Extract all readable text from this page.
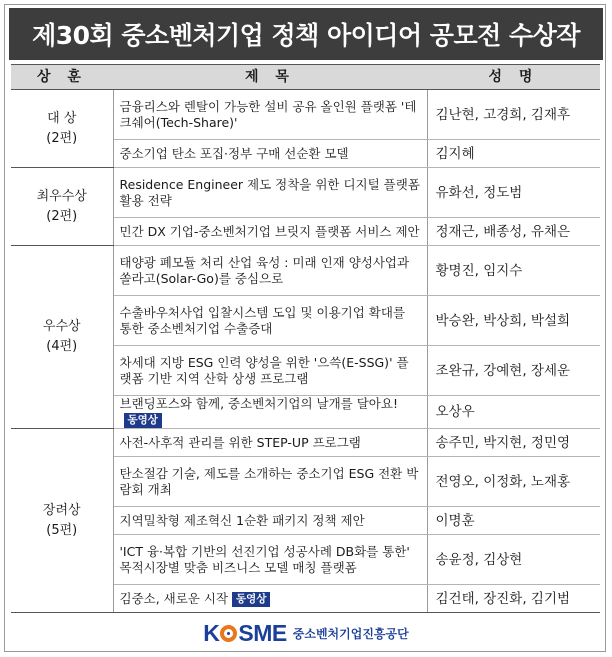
제30회 중소벤처기업 정책 아이디어 공모전 수상작
상 훈	제 목	성 명

대 상
(2편)	금융리스와 렌탈이 가능한 설비 공유 올인원 플랫폼 '테크쉐어(Tech-Share)'	김난현, 고경희, 김재후
	중소기업 탄소 포집·정부 구매 선순환 모델	김지혜

최우수상
(2편)	Residence Engineer 제도 정착을 위한 디지털 플랫폼 활용 전략	유화선, 정도범
	민간 DX 기업-중소벤처기업 브릿지 플랫폼 서비스 제안	정재근, 배종성, 유채은

우수상
(4편)	태양광 폐모듈 처리 산업 육성 : 미래 인재 양성사업과 쏠라고(Solar-Go)를 중심으로	황명진, 임지수
	수출바우처사업 입찰시스템 도입 및 이용기업 확대를 통한 중소벤처기업 수출증대	박승완, 박상희, 박설희
	차세대 지방 ESG 인력 양성을 위한 '으쓱(E-SSG)' 플랫폼 기반 지역 산학 상생 프로그램	조완규, 강예현, 장세운
	브랜딩포스와 함께, 중소벤처기업의 날개를 달아요!동영상	오상우

장려상
(5편)	사전-사후적 관리를 위한 STEP-UP 프로그램	송주민, 박지현, 정민영
	탄소절감 기술, 제도를 소개하는 중소기업 ESG 전환 박람회 개최	전영오, 이정화, 노재홍
	지역밀착형 제조혁신 1순환 패키지 정책 제안	이명훈
	'ICT 융·복합 기반의 선진기업 성공사례 DB화를 통한' 목적시장별 맞춤 비즈니스 모델 매칭 플랫폼	송윤정, 김상현
	김중소, 새로운 시작 동영상	김건태, 장진화, 김기범
K SME 중소벤처기업진흥공단
